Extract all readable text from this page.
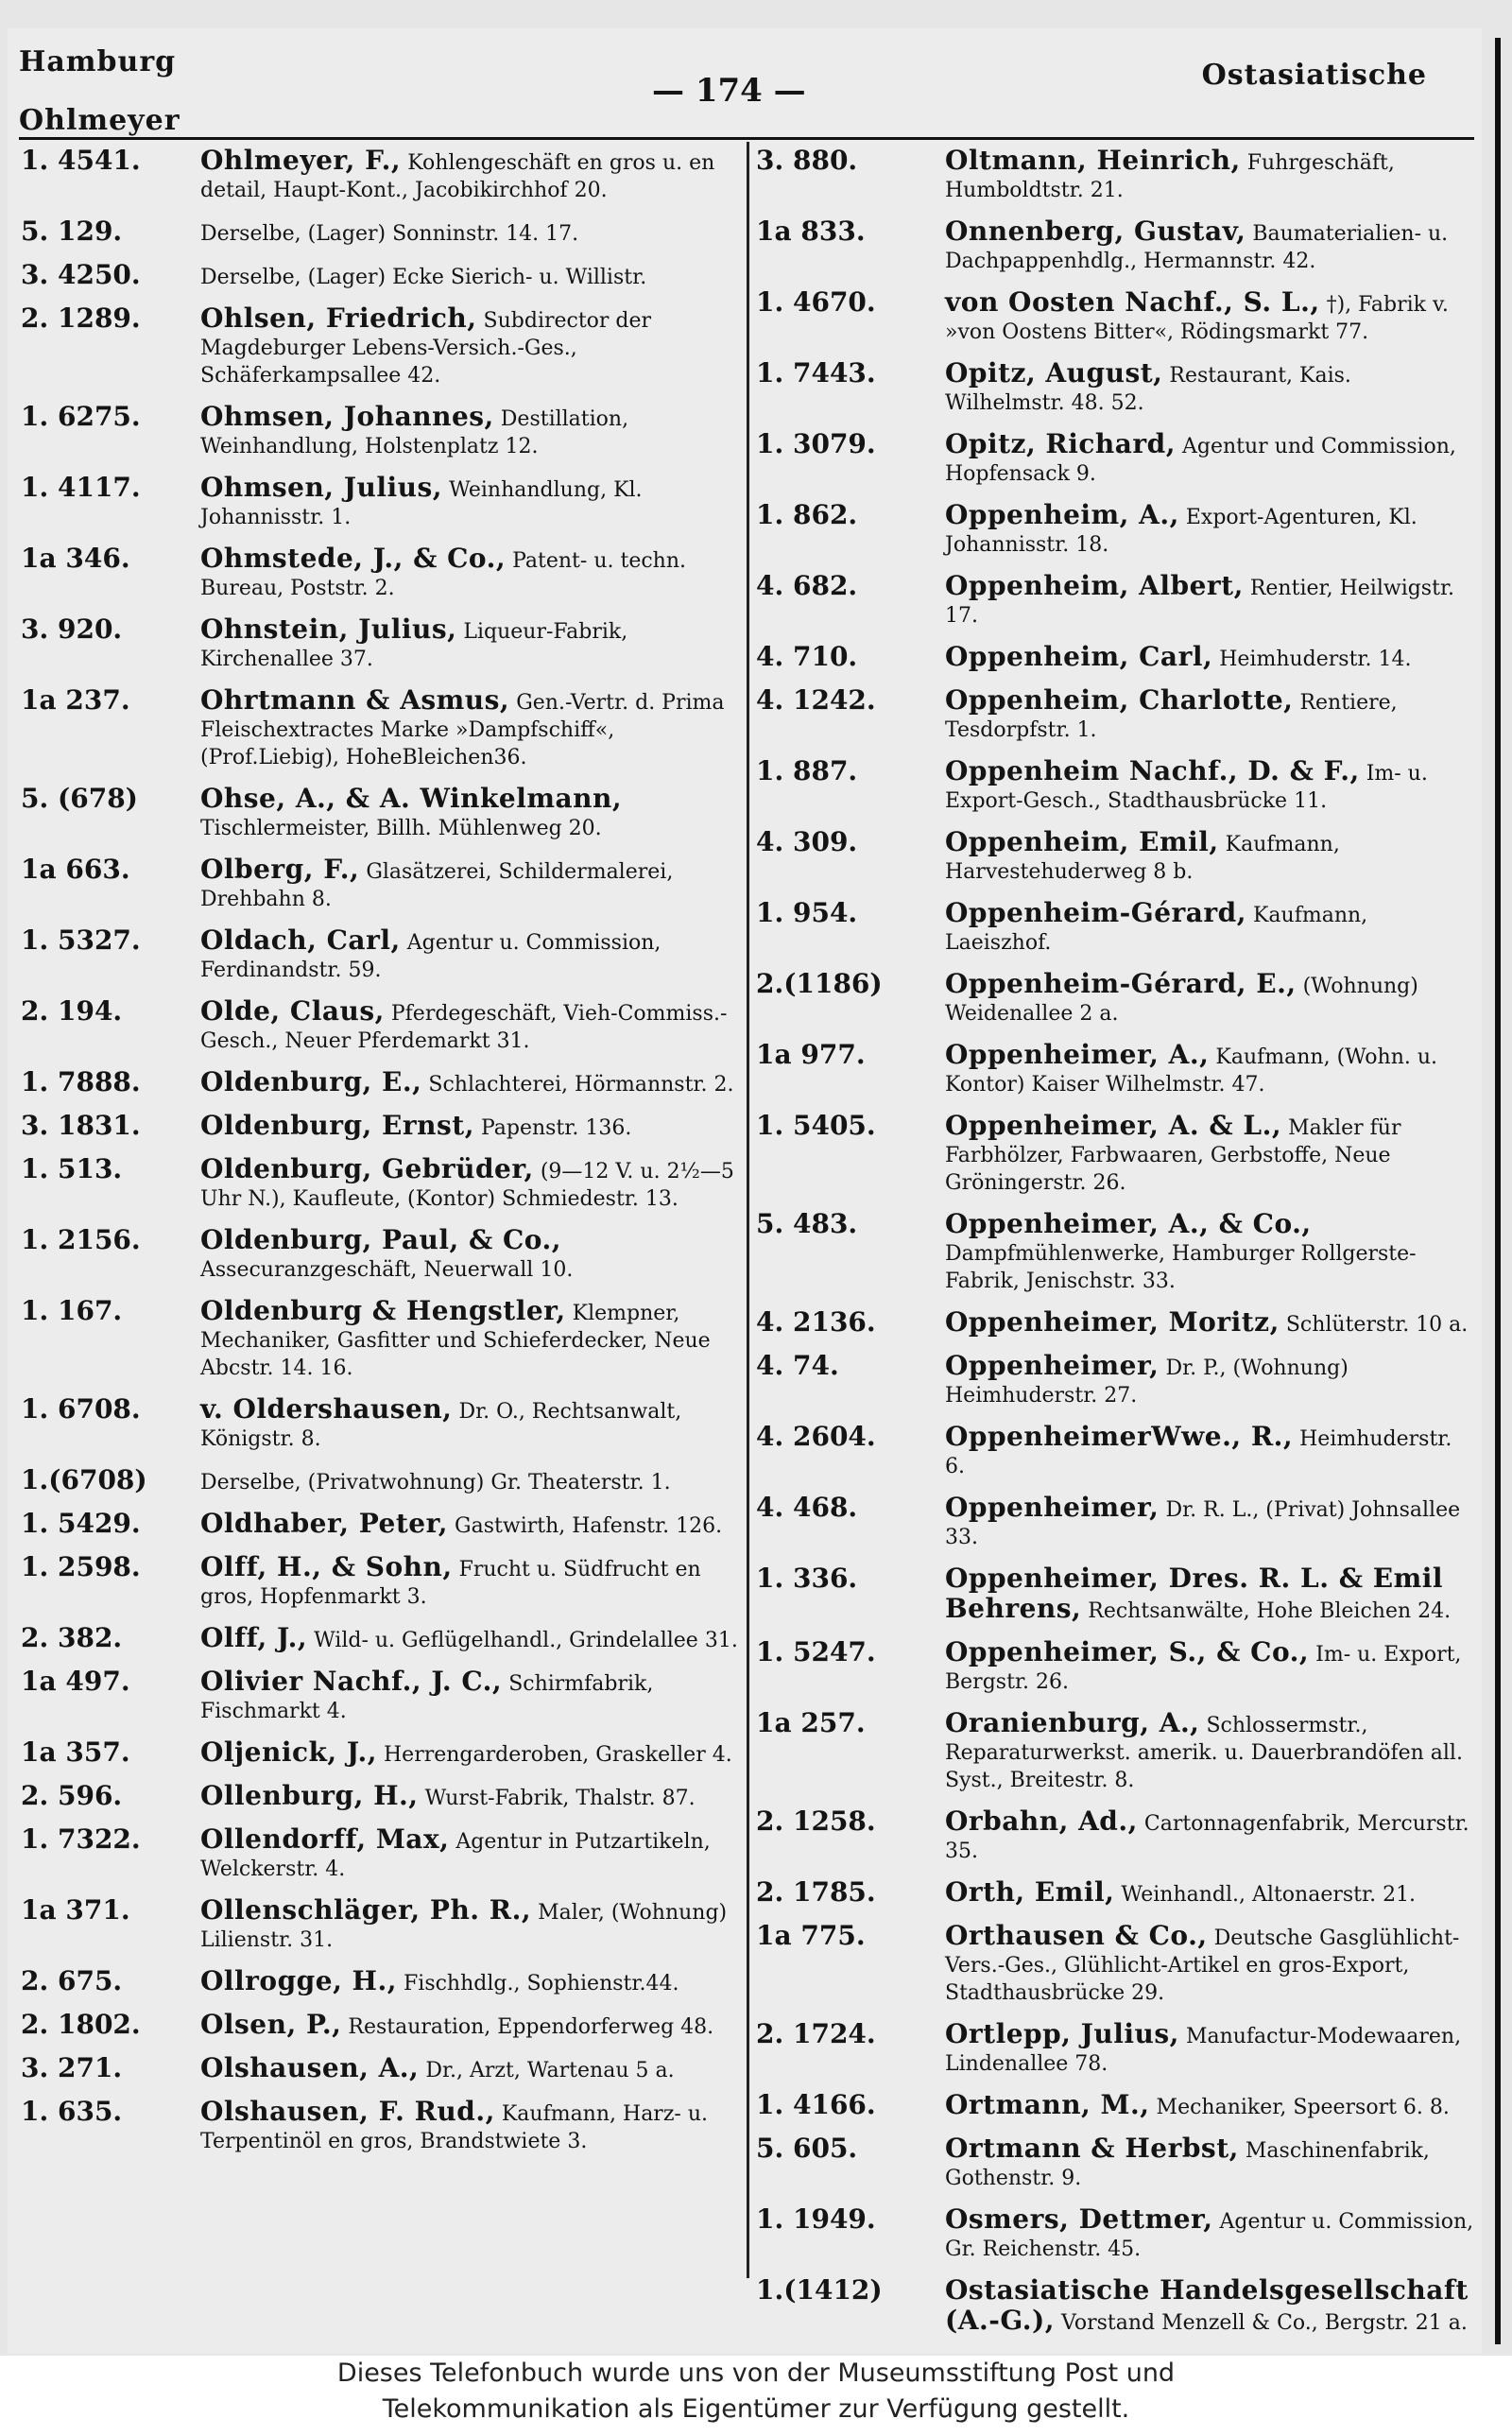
Hamburg
Ohlmeyer
— 174 —	Ostasiatische
1. 4541.	Ohlmeyer, F., Kohlengeschäft en gros u. en detail, Haupt-Kont., Jacobikirchhof 20.
5. 129.	Derselbe, (Lager) Sonninstr. 14. 17.
3. 4250.	Derselbe, (Lager) Ecke Sierich- u. Willistr.
2. 1289.	Ohlsen, Friedrich, Subdirector der Magdeburger Lebens-Versich.-Ges., Schäferkampsallee 42.
1. 6275.	Ohmsen, Johannes, Destillation, Weinhandlung, Holstenplatz 12.
1. 4117.	Ohmsen, Julius, Weinhandlung, Kl. Johannisstr. 1.
1a 346.	Ohmstede, J., & Co., Patent- u. techn. Bureau, Poststr. 2.
3. 920.	Ohnstein, Julius, Liqueur-Fabrik, Kirchenallee 37.
1a 237.	Ohrtmann & Asmus, Gen.-Vertr. d. Prima Fleischextractes Marke »Dampfschiff«, (Prof.Liebig), HoheBleichen36.
5. (678)	Ohse, A., & A. Winkelmann, Tischlermeister, Billh. Mühlenweg 20.
1a 663.	Olberg, F., Glasätzerei, Schildermalerei, Drehbahn 8.
1. 5327.	Oldach, Carl, Agentur u. Commission, Ferdinandstr. 59.
2. 194.	Olde, Claus, Pferdegeschäft, Vieh-Commiss.-Gesch., Neuer Pferdemarkt 31.
1. 7888.	Oldenburg, E., Schlachterei, Hörmannstr. 2.
3. 1831.	Oldenburg, Ernst, Papenstr. 136.
1. 513.	Oldenburg, Gebrüder, (9—12 V. u. 2½—5 Uhr N.), Kaufleute, (Kontor) Schmiedestr. 13.
1. 2156.	Oldenburg, Paul, & Co., Assecuranzgeschäft, Neuerwall 10.
1. 167.	Oldenburg & Hengstler, Klempner, Mechaniker, Gasfitter und Schieferdecker, Neue Abcstr. 14. 16.
1. 6708.	v. Oldershausen, Dr. O., Rechtsanwalt, Königstr. 8.
1.(6708)	Derselbe, (Privatwohnung) Gr. Theaterstr. 1.
1. 5429.	Oldhaber, Peter, Gastwirth, Hafenstr. 126.
1. 2598.	Olff, H., & Sohn, Frucht u. Südfrucht en gros, Hopfenmarkt 3.
2. 382.	Olff, J., Wild- u. Geflügelhandl., Grindelallee 31.
1a 497.	Olivier Nachf., J. C., Schirmfabrik, Fischmarkt 4.
1a 357.	Oljenick, J., Herrengarderoben, Graskeller 4.
2. 596.	Ollenburg, H., Wurst-Fabrik, Thalstr. 87.
1. 7322.	Ollendorff, Max, Agentur in Putzartikeln, Welckerstr. 4.
1a 371.	Ollenschläger, Ph. R., Maler, (Wohnung) Lilienstr. 31.
2. 675.	Ollrogge, H., Fischhdlg., Sophienstr.44.
2. 1802.	Olsen, P., Restauration, Eppendorferweg 48.
3. 271.	Olshausen, A., Dr., Arzt, Wartenau 5 a.
1. 635.	Olshausen, F. Rud., Kaufmann, Harz- u. Terpentinöl en gros, Brandstwiete 3.
3. 880.	Oltmann, Heinrich, Fuhrgeschäft, Humboldtstr. 21.
1a 833.	Onnenberg, Gustav, Baumaterialien- u. Dachpappenhdlg., Hermannstr. 42.
1. 4670.	von Oosten Nachf., S. L., †), Fabrik v. »von Oostens Bitter«, Rödingsmarkt 77.
1. 7443.	Opitz, August, Restaurant, Kais. Wilhelmstr. 48. 52.
1. 3079.	Opitz, Richard, Agentur und Commission, Hopfensack 9.
1. 862.	Oppenheim, A., Export-Agenturen, Kl. Johannisstr. 18.
4. 682.	Oppenheim, Albert, Rentier, Heilwigstr. 17.
4. 710.	Oppenheim, Carl, Heimhuderstr. 14.
4. 1242.	Oppenheim, Charlotte, Rentiere, Tesdorpfstr. 1.
1. 887.	Oppenheim Nachf., D. & F., Im- u. Export-Gesch., Stadthausbrücke 11.
4. 309.	Oppenheim, Emil, Kaufmann, Harvestehuderweg 8 b.
1. 954.	Oppenheim-Gérard, Kaufmann, Laeiszhof.
2.(1186)	Oppenheim-Gérard, E., (Wohnung) Weidenallee 2 a.
1a 977.	Oppenheimer, A., Kaufmann, (Wohn. u. Kontor) Kaiser Wilhelmstr. 47.
1. 5405.	Oppenheimer, A. & L., Makler für Farbhölzer, Farbwaaren, Gerbstoffe, Neue Gröningerstr. 26.
5. 483.	Oppenheimer, A., & Co., Dampfmühlenwerke, Hamburger Rollgerste-Fabrik, Jenischstr. 33.
4. 2136.	Oppenheimer, Moritz, Schlüterstr. 10 a.
4. 74.	Oppenheimer, Dr. P., (Wohnung) Heimhuderstr. 27.
4. 2604.	OppenheimerWwe., R., Heimhuderstr. 6.
4. 468.	Oppenheimer, Dr. R. L., (Privat) Johnsallee 33.
1. 336.	Oppenheimer, Dres. R. L. & Emil Behrens, Rechtsanwälte, Hohe Bleichen 24.
1. 5247.	Oppenheimer, S., & Co., Im- u. Export, Bergstr. 26.
1a 257.	Oranienburg, A., Schlossermstr., Reparaturwerkst. amerik. u. Dauerbrandöfen all. Syst., Breitestr. 8.
2. 1258.	Orbahn, Ad., Cartonnagenfabrik, Mercurstr. 35.
2. 1785.	Orth, Emil, Weinhandl., Altonaerstr. 21.
1a 775.	Orthausen & Co., Deutsche Gasglühlicht-Vers.-Ges., Glühlicht-Artikel en gros-Export, Stadthausbrücke 29.
2. 1724.	Ortlepp, Julius, Manufactur-Modewaaren, Lindenallee 78.
1. 4166.	Ortmann, M., Mechaniker, Speersort 6. 8.
5. 605.	Ortmann & Herbst, Maschinenfabrik, Gothenstr. 9.
1. 1949.	Osmers, Dettmer, Agentur u. Commission, Gr. Reichenstr. 45.
1.(1412)	Ostasiatische Handelsgesellschaft (A.-G.), Vorstand Menzell & Co., Bergstr. 21 a.
Dieses Telefonbuch wurde uns von der Museumsstiftung Post und
Telekommunikation als Eigentümer zur Verfügung gestellt.
